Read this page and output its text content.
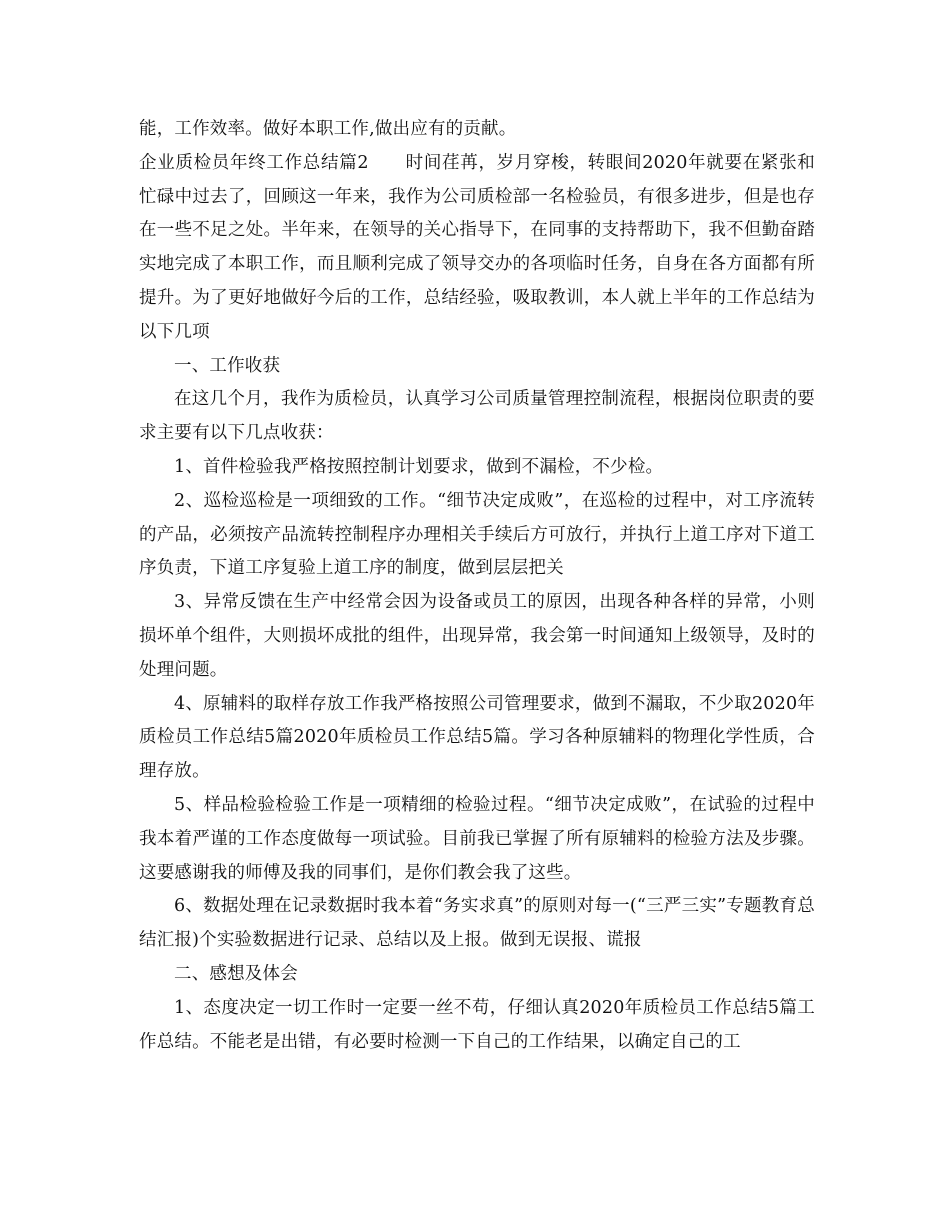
能，工作效率。做好本职工作,做出应有的贡献。

企业质检员年终工作总结篇2　　时间荏苒，岁月穿梭，转眼间2020年就要在紧张和忙碌中过去了，回顾这一年来，我作为公司质检部一名检验员，有很多进步，但是也存在一些不足之处。半年来，在领导的关心指导下，在同事的支持帮助下，我不但勤奋踏实地完成了本职工作，而且顺利完成了领导交办的各项临时任务，自身在各方面都有所提升。为了更好地做好今后的工作，总结经验，吸取教训，本人就上半年的工作总结为以下几项

一、工作收获

在这几个月，我作为质检员，认真学习公司质量管理控制流程，根据岗位职责的要求主要有以下几点收获：

1、首件检验我严格按照控制计划要求，做到不漏检，不少检。

2、巡检巡检是一项细致的工作。“细节决定成败”，在巡检的过程中，对工序流转的产品，必须按产品流转控制程序办理相关手续后方可放行，并执行上道工序对下道工序负责，下道工序复验上道工序的制度，做到层层把关

3、异常反馈在生产中经常会因为设备或员工的原因，出现各种各样的异常，小则损坏单个组件，大则损坏成批的组件，出现异常，我会第一时间通知上级领导，及时的处理问题。

4、原辅料的取样存放工作我严格按照公司管理要求，做到不漏取，不少取2020年质检员工作总结5篇2020年质检员工作总结5篇。学习各种原辅料的物理化学性质，合理存放。

5、样品检验检验工作是一项精细的检验过程。“细节决定成败”，在试验的过程中我本着严谨的工作态度做每一项试验。目前我已掌握了所有原辅料的检验方法及步骤。这要感谢我的师傅及我的同事们，是你们教会我了这些。

6、数据处理在记录数据时我本着“务实求真”的原则对每一(“三严三实”专题教育总结汇报)个实验数据进行记录、总结以及上报。做到无误报、谎报

二、感想及体会

1、态度决定一切工作时一定要一丝不苟，仔细认真2020年质检员工作总结5篇工作总结。不能老是出错，有必要时检测一下自己的工作结果，以确定自己的工
